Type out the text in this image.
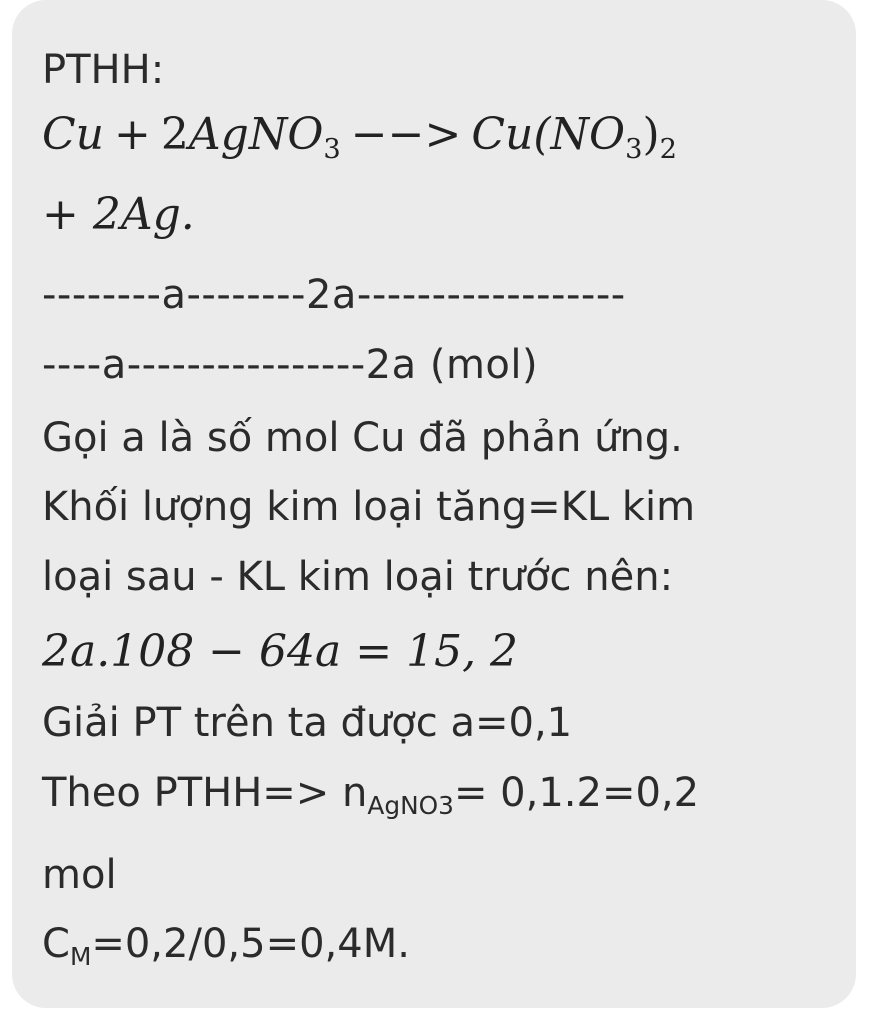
PTHH:
Cu + 2AgNO$_3$ −−> $Cu(NO_3)_2$
+ 2Ag.
--------a--------2a------------------
----a----------------2a (mol)
Gọi a là số mol Cu đã phản ứng.
Khối lượng kim loại tăng=KL kim
loại sau - KL kim loại trước nên:
2a.108 − 64a = 15, 2
Giải PT trên ta được a=0,1
Theo PTHH=> $n_{AgNO3}= 0,1.2=0,2$
mol
$C_M=0,2/0,5=0,4M$.
